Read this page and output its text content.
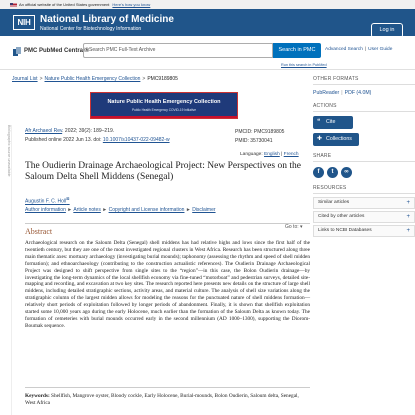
An official website of the United States government Here's how you know
NIH National Library of Medicine
National Center for Biotechnology Information	Log in
PMC PubMed Central® Search PMC Full-Text Archive	Search in PMC	Advanced Search | User Guide
Run this search in PubMed
Journal List > Nature Public Health Emergency Collection > PMC9189805
Nature Public Health Emergency Collection
Public Health Emergency COVID-19 Initiative
Afr Archaeol Rev. 2022; 39(2): 189–219.
Published online 2022 Jun 13. doi: 10.1007/s10437-022-09482-w
PMCID: PMC9189805
PMID: 35730041
Language: English | French
The Oudierin Drainage Archaeological Project: New Perspectives on the Saloum Delta Shell Middens (Senegal)
Augustin F. C. Holl⊠
Author information ► Article notes ► Copyright and License information ► Disclaimer
Abstract	Go to: ▾
Archaeological research on the Saloum Delta (Senegal) shell middens has had relative highs and lows since the first half of the twentieth century, but they are one of the most investigated regional clusters in West Africa. Research has been structured along three main thematic axes: mortuary archaeology (investigating burial mounds); taphonomy (assessing the rhythm and speed of shell midden formation); and ethnoarchaeology (contributing to the construction actualistic references). The Oudierin Drainage Archaeological Project was designed to shift perspective from single sites to the “region”—in this case, the Bolon Oudierin drainage—by investigating the long-term dynamics of the local shellfish economy via fine-tuned “motorboat” and pedestrian surveys, detailed site-mapping and recording, and excavation at two key sites. The research reported here presents new details on the structure of large shell middens, including detailed stratigraphic sections, activity areas, and material culture. The analysis of shell size variations along the stratigraphic column of the largest midden allows for modeling the reasons for the punctuated nature of shell middens formation—relatively short periods of exploitation followed by longer periods of abandonment. Finally, it is shown that shellfish exploitation started some 10,000 years ago during the early Holocene, much earlier than the formation of the Saloum Delta as known today. The formation of cemeteries with burial mounds occurred early in the second millennium (AD 1000–1300), supporting the Diorom-Boumak sequence.
Keywords: Shellfish, Mangrove oyster, Bloody cockle, Early Holocene, Burial-mounds, Bolon Oudierin, Saloum delta, Senegal, West Africa
Bibliographic source unavailable
OTHER FORMATS
PubReader | PDF (4.0M)
ACTIONS
❝ Cite
✚ Collections
SHARE
f	t	∞
RESOURCES
Similar articles	+
Cited by other articles	+
Links to NCBI Databases	+
